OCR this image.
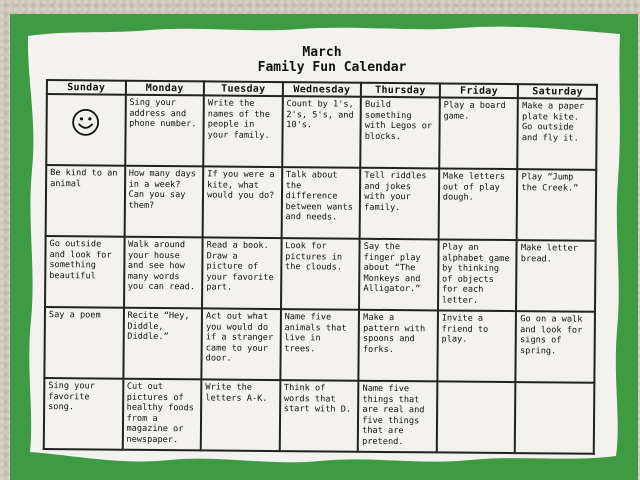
March
Family Fun Calendar
Sunday	Monday	Tuesday	Wednesday	Thursday	Friday	Saturday

	Sing your address and phone number.	Write the names of the people in your family.	Count by 1's, 2's, 5's, and 10's.	Build something with Legos or blocks.	Play a board game.	Make a paper plate kite. Go outside and fly it.
Be kind to an animal	How many days in a week? Can you say them?	If you were a kite, what would you do?	Talk about the difference between wants and needs.	Tell riddles and jokes with your family.	Make letters out of play dough.	Play “Jump the Creek.”
Go outside and look for something beautiful	Walk around your house and see how many words you can read.	Read a book. Draw a picture of your favorite part.	Look for pictures in the clouds.	Say the finger play about “The Monkeys and Alligator.”	Play an alphabet game by thinking of objects for each letter.	Make letter bread.
Say a poem	Recite “Hey, Diddle, Diddle.”	Act out what you would do if a stranger came to your door.	Name five animals that live in trees.	Make a pattern with spoons and forks.	Invite a friend to play.	Go on a walk and look for signs of spring.
Sing your favorite song.	Cut out pictures of healthy foods from a magazine or newspaper.	Write the letters A-K.	Think of words that start with D.	Name five things that are real and five things that are pretend.		
